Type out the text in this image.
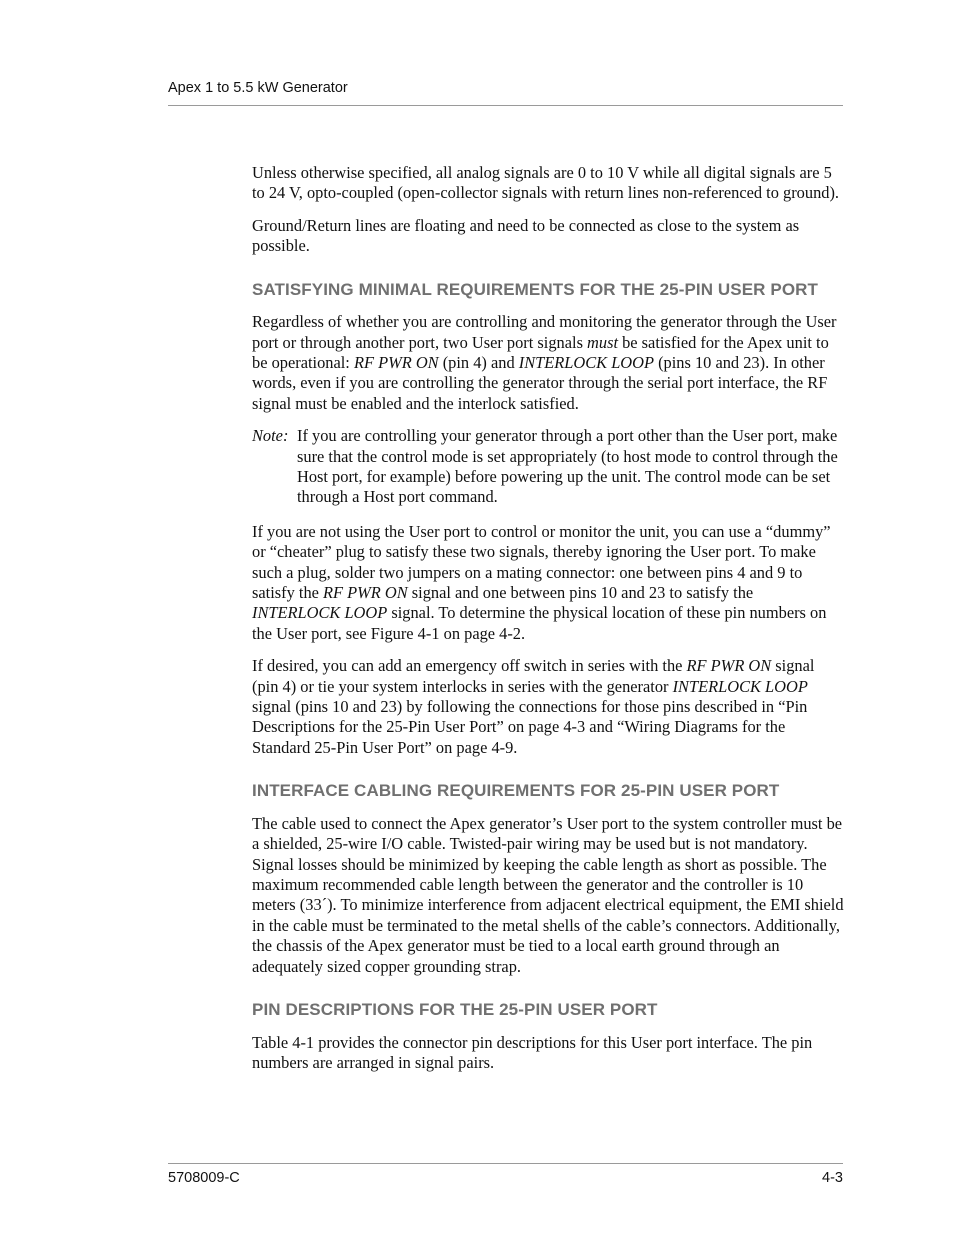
Apex 1 to 5.5 kW Generator

Unless otherwise specified, all analog signals are 0 to 10 V while all digital signals are 5 to 24 V, opto-coupled (open-collector signals with return lines non-referenced to ground).

Ground/Return lines are floating and need to be connected as close to the system as possible.

SATISFYING MINIMAL REQUIREMENTS FOR THE 25-PIN USER PORT

Regardless of whether you are controlling and monitoring the generator through the User port or through another port, two User port signals must be satisfied for the Apex unit to be operational: RF PWR ON (pin 4) and INTERLOCK LOOP (pins 10 and 23). In other words, even if you are controlling the generator through the serial port interface, the RF signal must be enabled and the interlock satisfied.

Note: If you are controlling your generator through a port other than the User port, make sure that the control mode is set appropriately (to host mode to control through the Host port, for example) before powering up the unit. The control mode can be set through a Host port command.

If you are not using the User port to control or monitor the unit, you can use a “dummy” or “cheater” plug to satisfy these two signals, thereby ignoring the User port. To make such a plug, solder two jumpers on a mating connector: one between pins 4 and 9 to satisfy the RF PWR ON signal and one between pins 10 and 23 to satisfy the INTERLOCK LOOP signal. To determine the physical location of these pin numbers on the User port, see Figure 4-1 on page 4-2.

If desired, you can add an emergency off switch in series with the RF PWR ON signal (pin 4) or tie your system interlocks in series with the generator INTERLOCK LOOP signal (pins 10 and 23) by following the connections for those pins described in “Pin Descriptions for the 25-Pin User Port” on page 4-3 and “Wiring Diagrams for the Standard 25-Pin User Port” on page 4-9.

INTERFACE CABLING REQUIREMENTS FOR 25-PIN USER PORT

The cable used to connect the Apex generator’s User port to the system controller must be a shielded, 25-wire I/O cable. Twisted-pair wiring may be used but is not mandatory. Signal losses should be minimized by keeping the cable length as short as possible. The maximum recommended cable length between the generator and the controller is 10 meters (33´). To minimize interference from adjacent electrical equipment, the EMI shield in the cable must be terminated to the metal shells of the cable’s connectors. Additionally, the chassis of the Apex generator must be tied to a local earth ground through an adequately sized copper grounding strap.

PIN DESCRIPTIONS FOR THE 25-PIN USER PORT

Table 4-1 provides the connector pin descriptions for this User port interface. The pin numbers are arranged in signal pairs.

5708009-C	4-3
